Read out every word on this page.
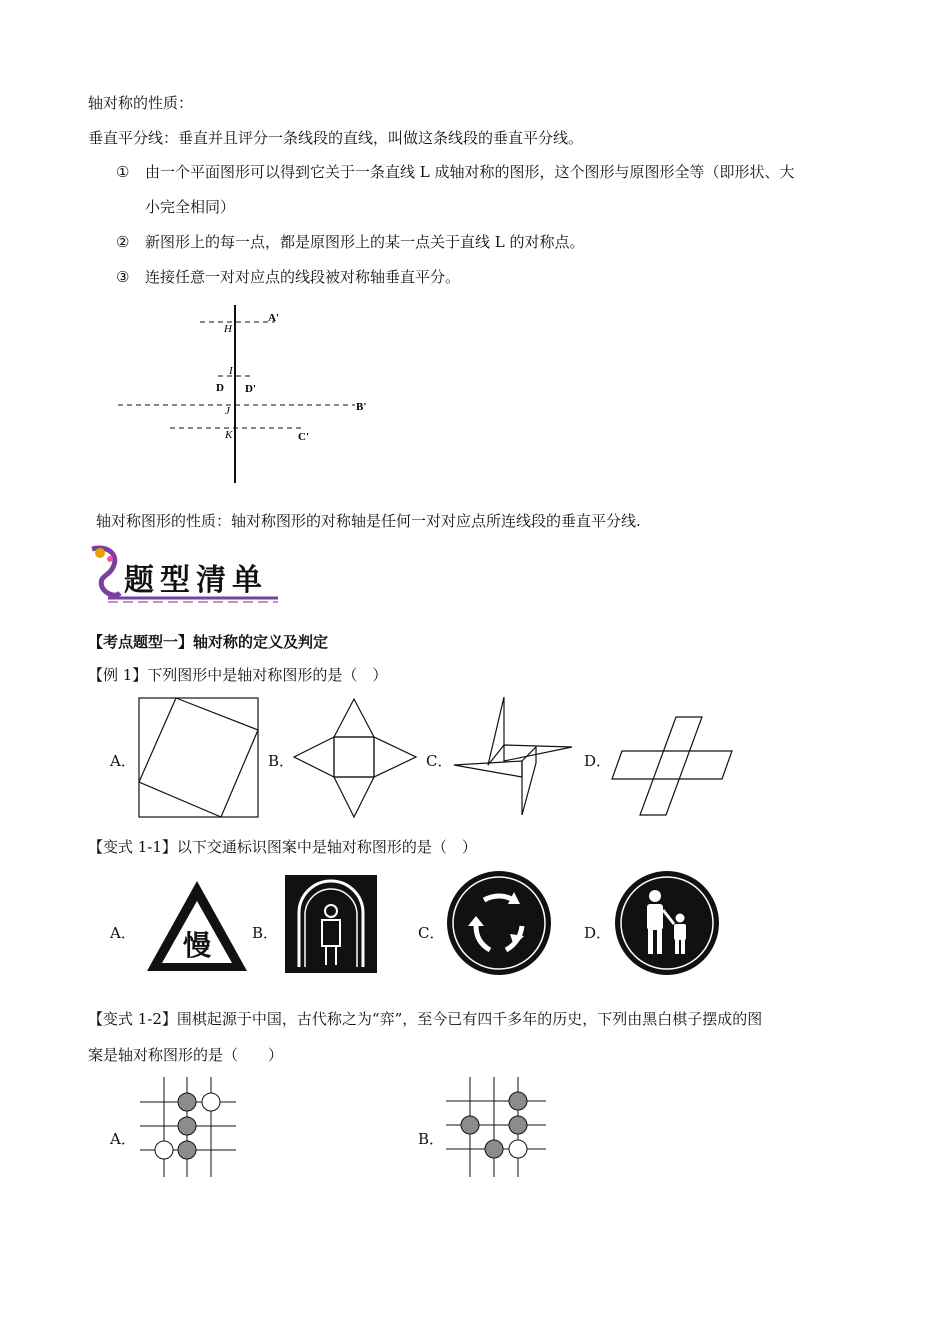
轴对称的性质：
垂直平分线：垂直并且评分一条线段的直线，叫做这条线段的垂直平分线。
① 由一个平面图形可以得到它关于一条直线 L 成轴对称的图形，这个图形与原图形全等（即形状、大
小完全相同）
② 新图形上的每一点，都是原图形上的某一点关于直线 L 的对称点。
③ 连接任意一对对应点的线段被对称轴垂直平分。
A'
H
I
D D'
J	B'
K	C'
轴对称图形的性质：轴对称图形的对称轴是任何一对对应点所连线段的垂直平分线.
题型清单
【考点题型一】轴对称的定义及判定
【例 1】下列图形中是轴对称图形的是（　）
A．	B．	C．	D．
【变式 1-1】以下交通标识图案中是轴对称图形的是（　）
A． 慢	B．	C．	D．
【变式 1-2】围棋起源于中国，古代称之为“弈”，至今已有四千多年的历史，下列由黑白棋子摆成的图
案是轴对称图形的是（　　）
A．	B．
